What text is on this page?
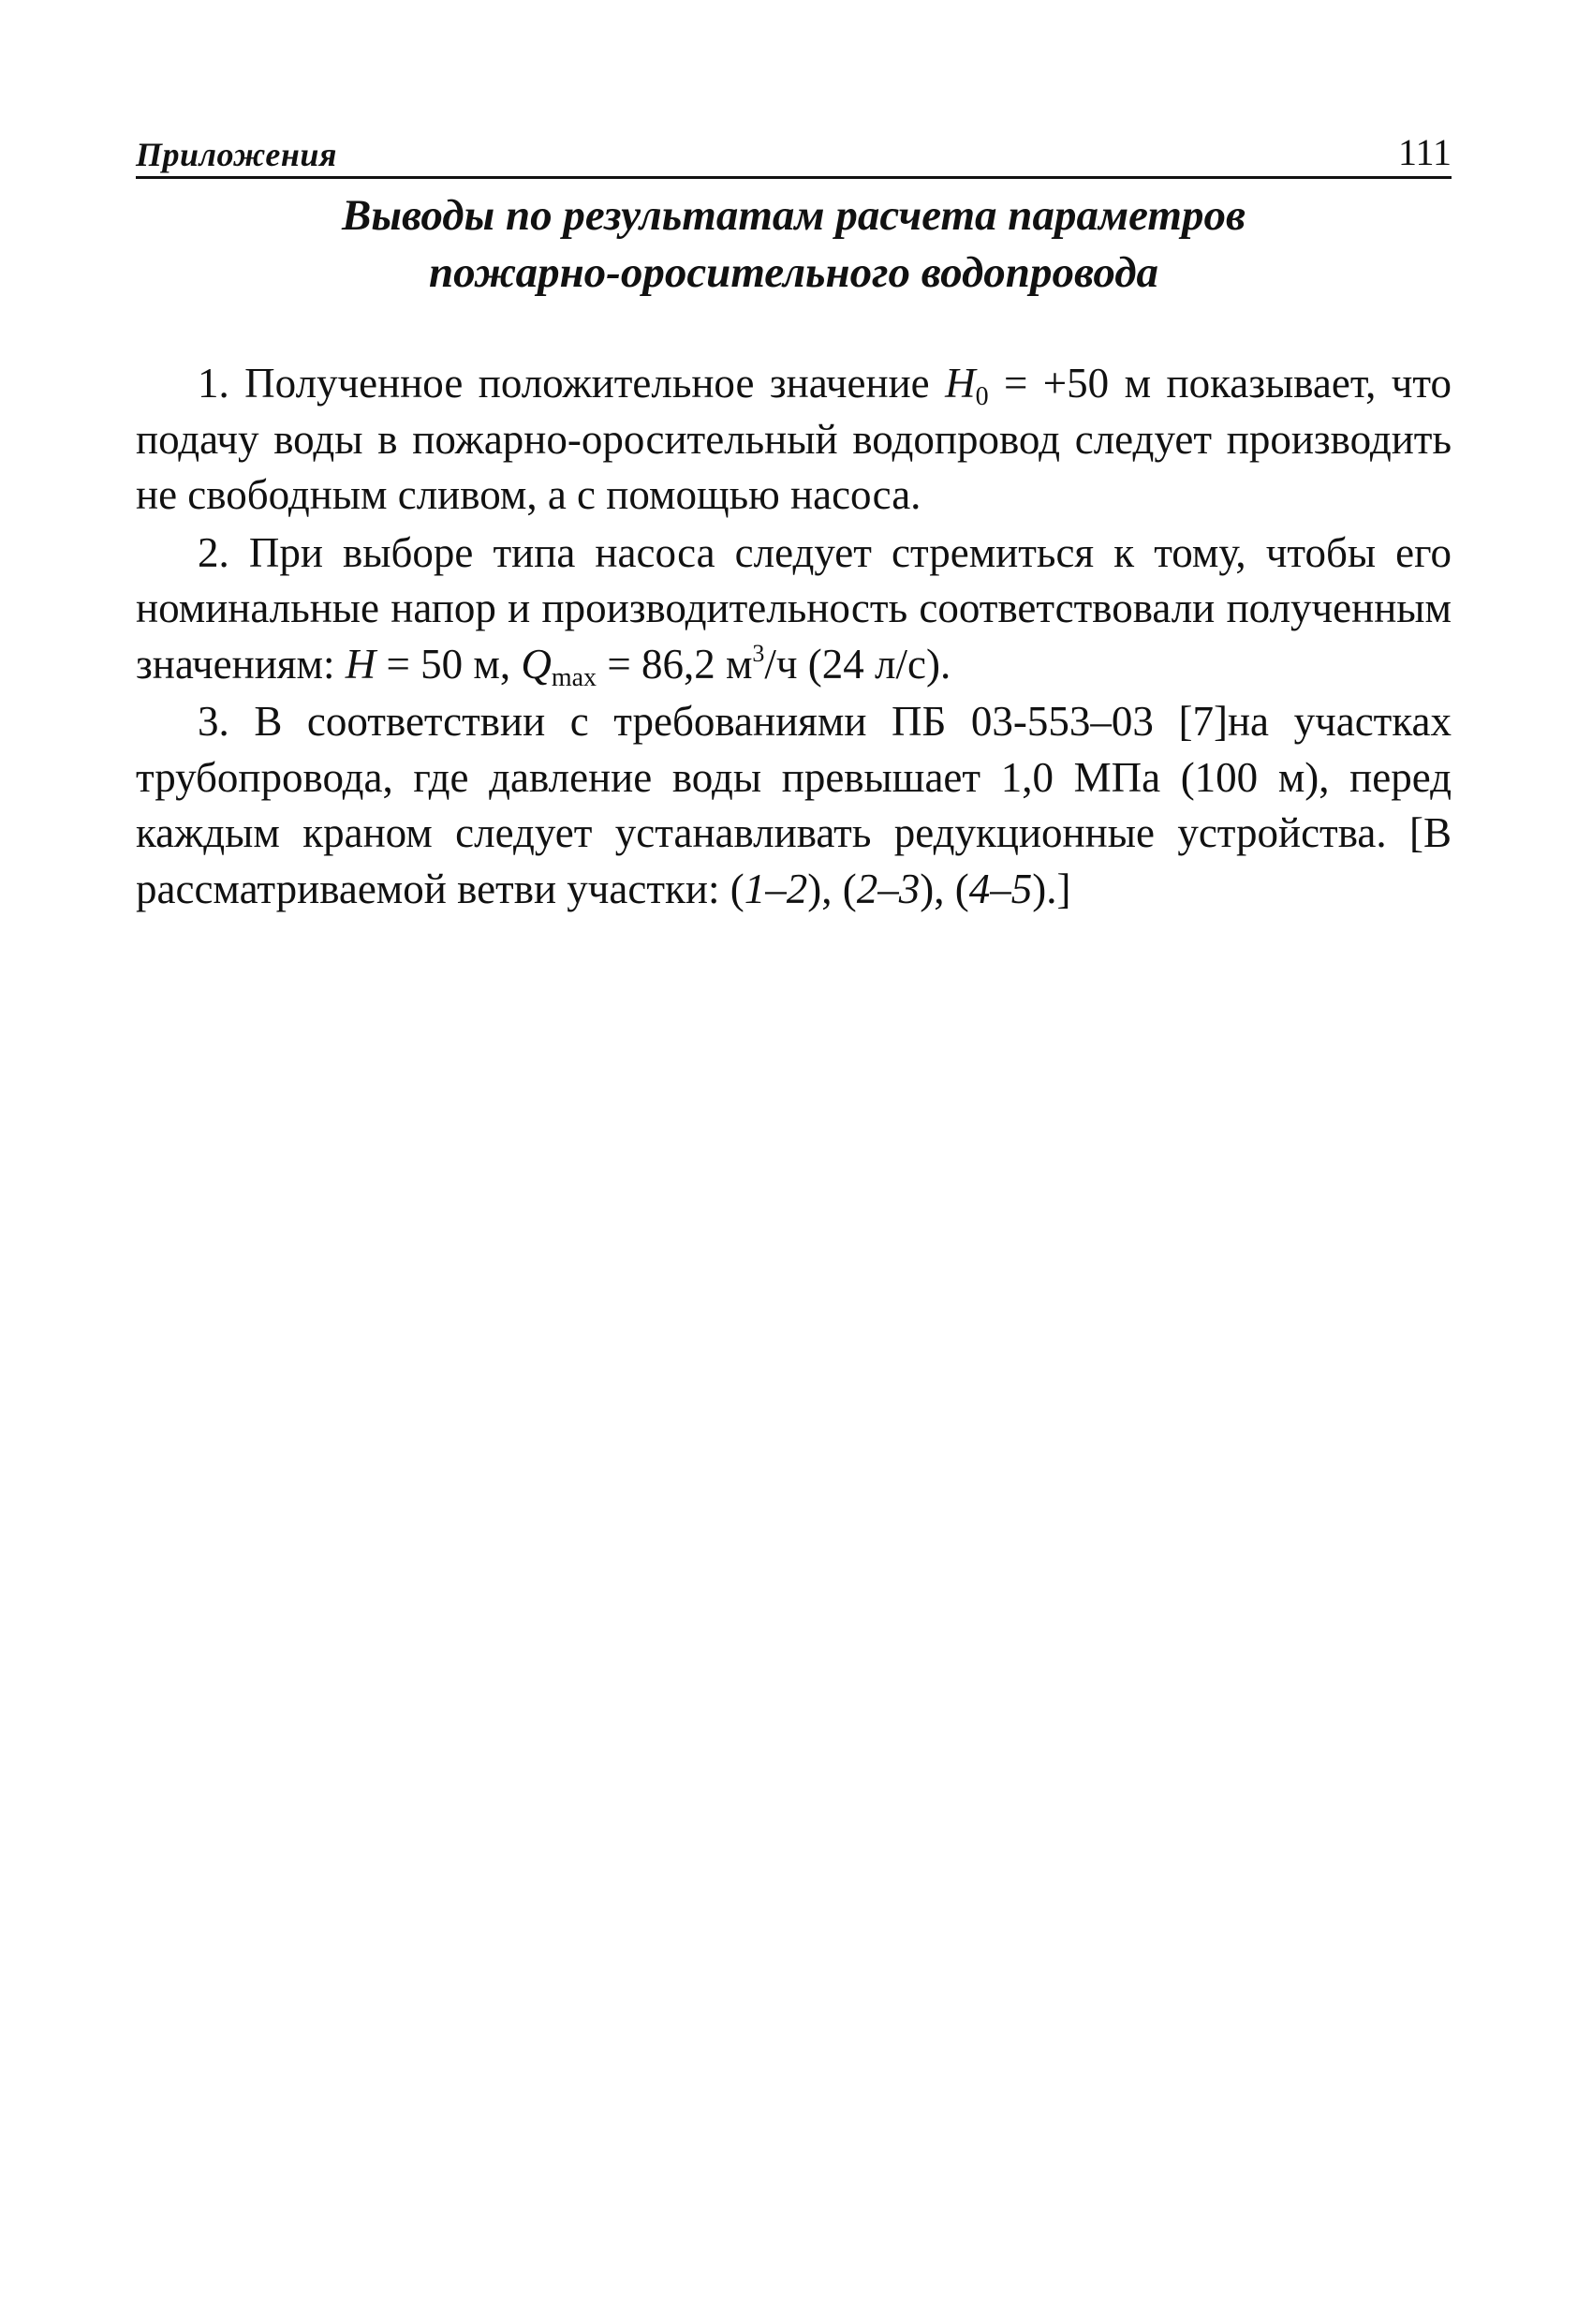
Приложения	111
Выводы по результатам расчета параметров
пожарно-оросительного водопровода

1. Полученное положительное значение $H_0 = +50$ м показывает, что подачу воды в пожарно-оросительный водопровод следует производить не свободным сливом, а с помощью насоса.

2. При выборе типа насоса следует стремиться к тому, чтобы его номинальные напор и производительность соответствовали полученным значениям: H = 50 м, $Q_{max} = 86,2$ $м^3/ч$ (24 л/с).

3. В соответствии с требованиями ПБ 03-553–03 [7]на участках трубопровода, где давление воды превышает 1,0 МПа (100 м), перед каждым краном следует устанавливать редукционные устройства. [В рассматриваемой ветви участки: (1–2), (2–3), (4–5).]
